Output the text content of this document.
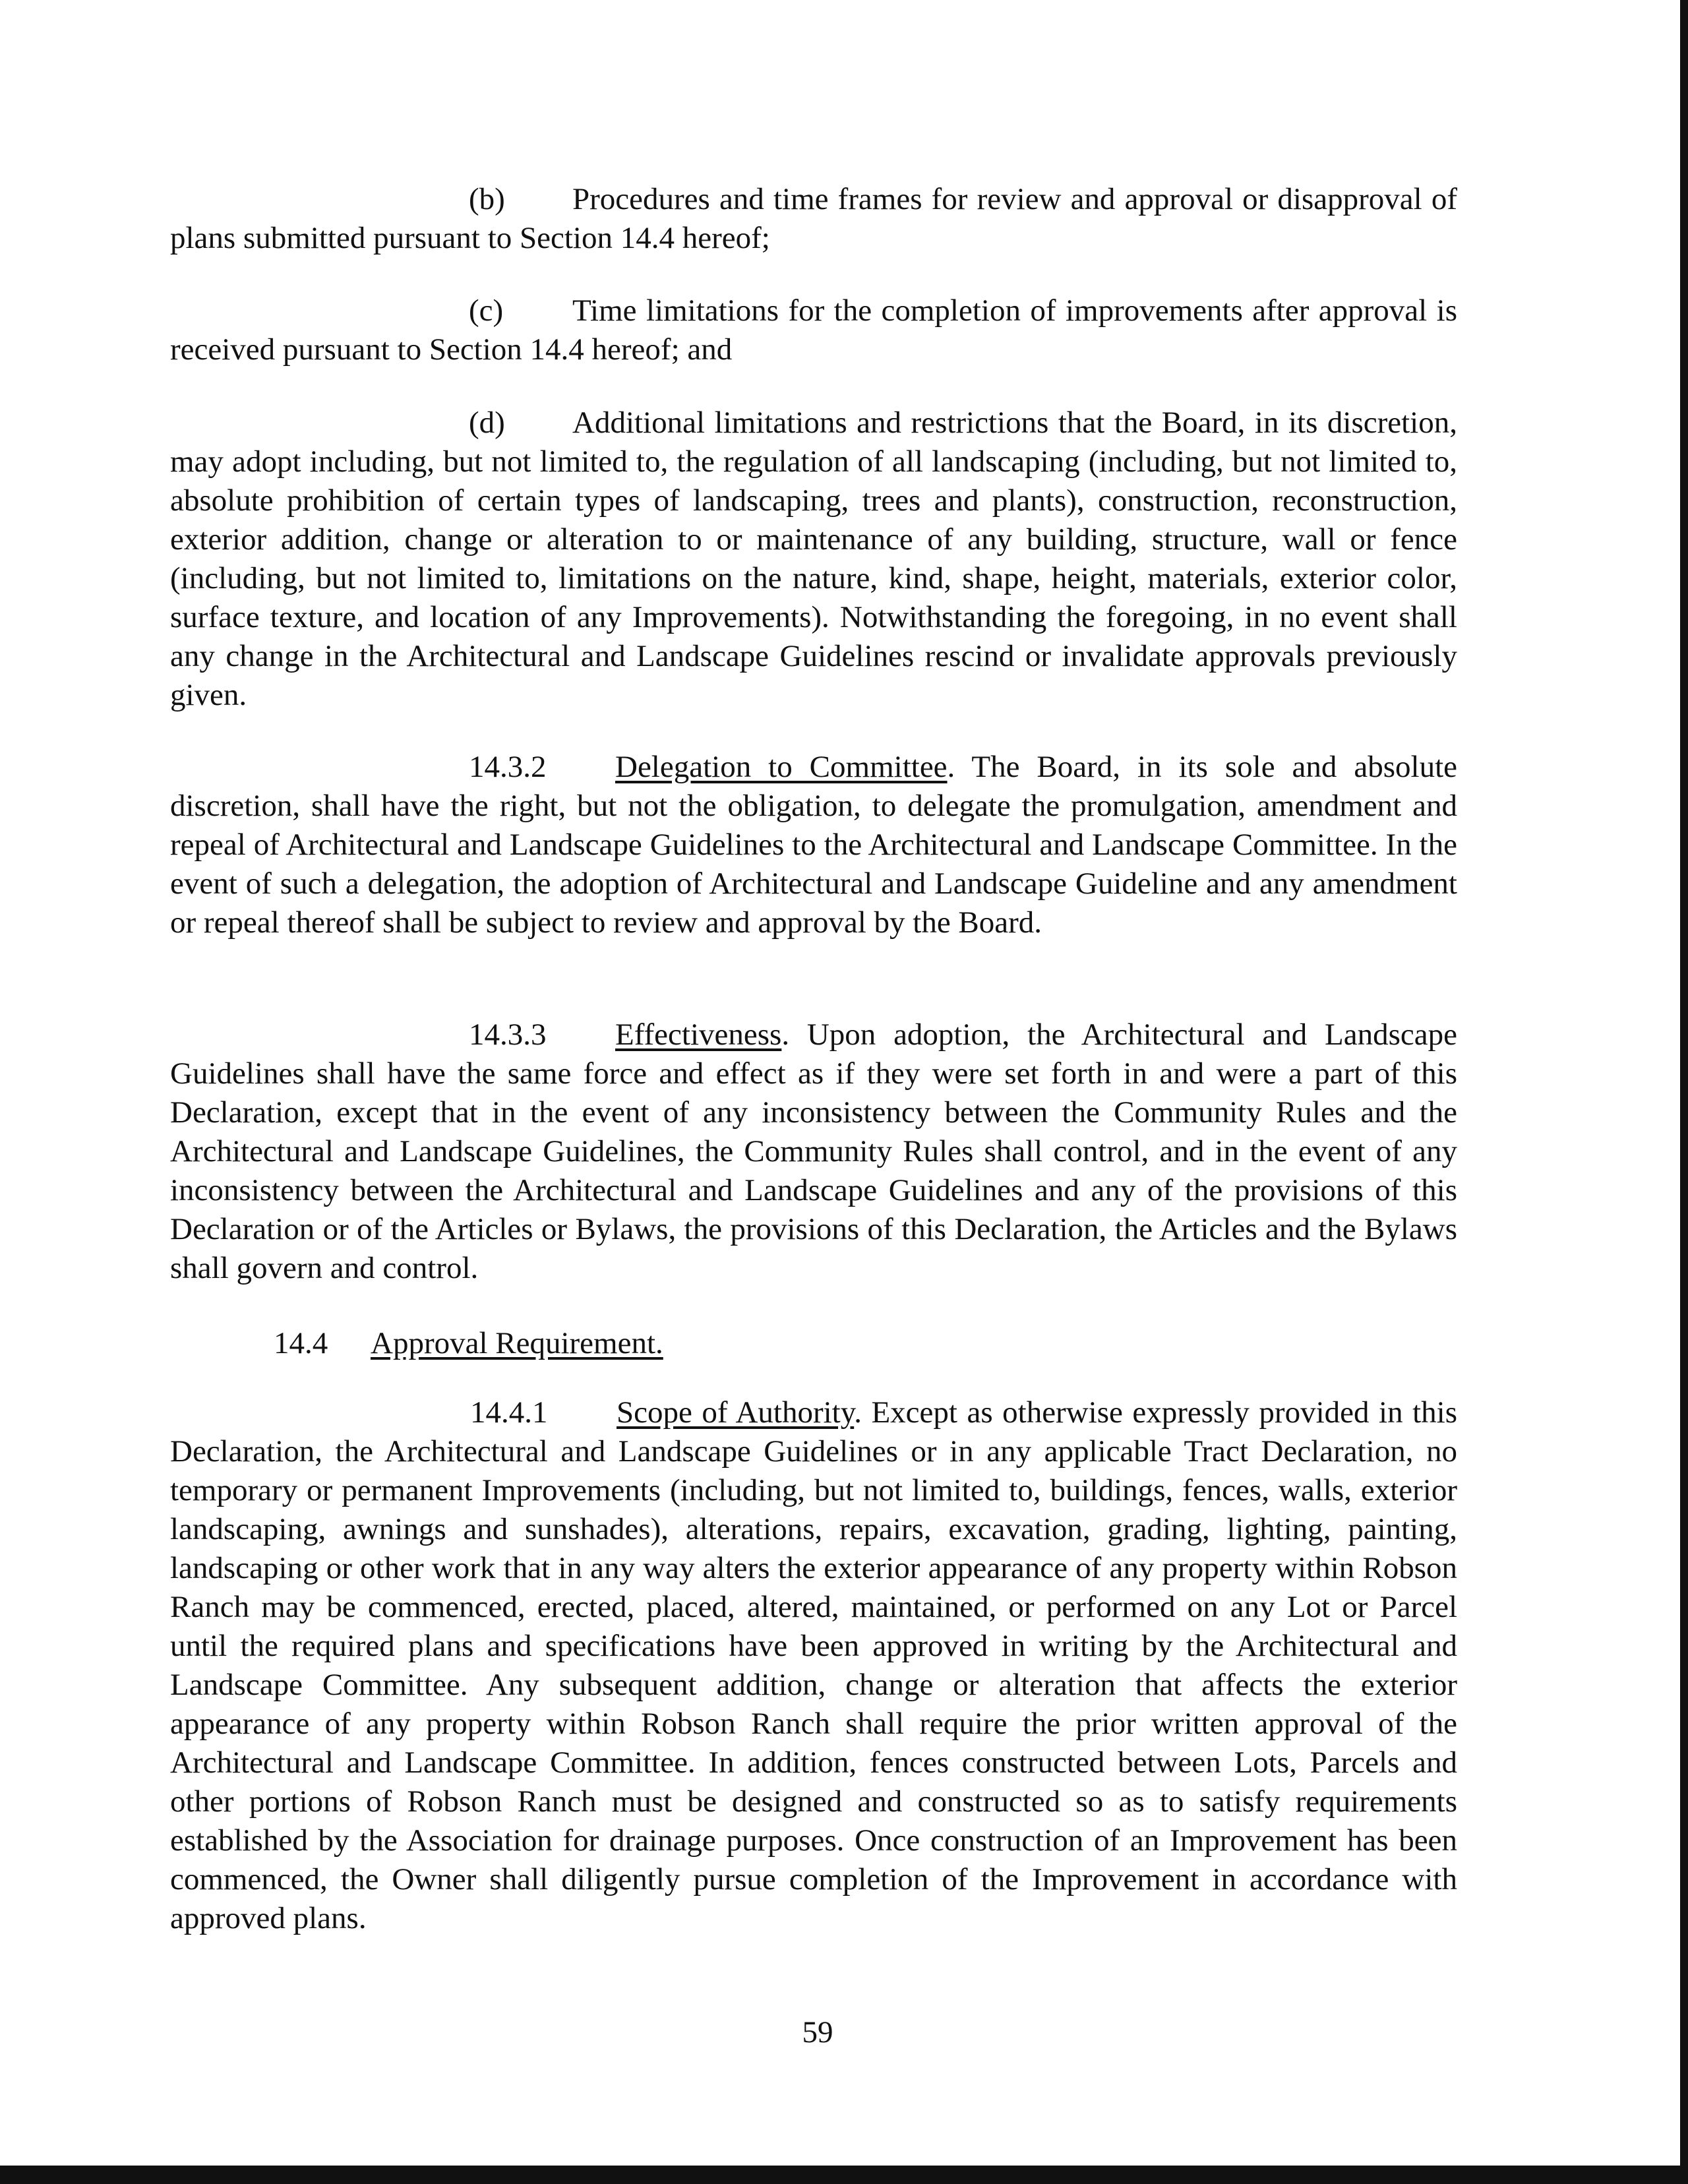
(b) Procedures and time frames for review and approval or disapproval of plans submitted pursuant to Section 14.4 hereof;

(c) Time limitations for the completion of improvements after approval is received pursuant to Section 14.4 hereof; and

(d) Additional limitations and restrictions that the Board, in its discretion, may adopt including, but not limited to, the regulation of all landscaping (including, but not limited to, absolute prohibition of certain types of landscaping, trees and plants), construction, reconstruction, exterior addition, change or alteration to or maintenance of any building, structure, wall or fence (including, but not limited to, limitations on the nature, kind, shape, height, materials, exterior color, surface texture, and location of any Improvements). Notwithstanding the foregoing, in no event shall any change in the Architectural and Landscape Guidelines rescind or invalidate approvals previously given.

14.3.2 Delegation to Committee. The Board, in its sole and absolute discretion, shall have the right, but not the obligation, to delegate the promulgation, amendment and repeal of Architectural and Landscape Guidelines to the Architectural and Landscape Committee. In the event of such a delegation, the adoption of Architectural and Landscape Guideline and any amendment or repeal thereof shall be subject to review and approval by the Board.

14.3.3 Effectiveness. Upon adoption, the Architectural and Landscape Guidelines shall have the same force and effect as if they were set forth in and were a part of this Declaration, except that in the event of any inconsistency between the Community Rules and the Architectural and Landscape Guidelines, the Community Rules shall control, and in the event of any inconsistency between the Architectural and Landscape Guidelines and any of the provisions of this Declaration or of the Articles or Bylaws, the provisions of this Declaration, the Articles and the Bylaws shall govern and control.

14.4 Approval Requirement.

14.4.1 Scope of Authority. Except as otherwise expressly provided in this Declaration, the Architectural and Landscape Guidelines or in any applicable Tract Declaration, no temporary or permanent Improvements (including, but not limited to, buildings, fences, walls, exterior landscaping, awnings and sunshades), alterations, repairs, excavation, grading, lighting, painting, landscaping or other work that in any way alters the exterior appearance of any property within Robson Ranch may be commenced, erected, placed, altered, maintained, or performed on any Lot or Parcel until the required plans and specifications have been approved in writing by the Architectural and Landscape Committee. Any subsequent addition, change or alteration that affects the exterior appearance of any property within Robson Ranch shall require the prior written approval of the Architectural and Landscape Committee. In addition, fences constructed between Lots, Parcels and other portions of Robson Ranch must be designed and constructed so as to satisfy requirements established by the Association for drainage purposes. Once construction of an Improvement has been commenced, the Owner shall diligently pursue completion of the Improvement in accordance with approved plans.

59
